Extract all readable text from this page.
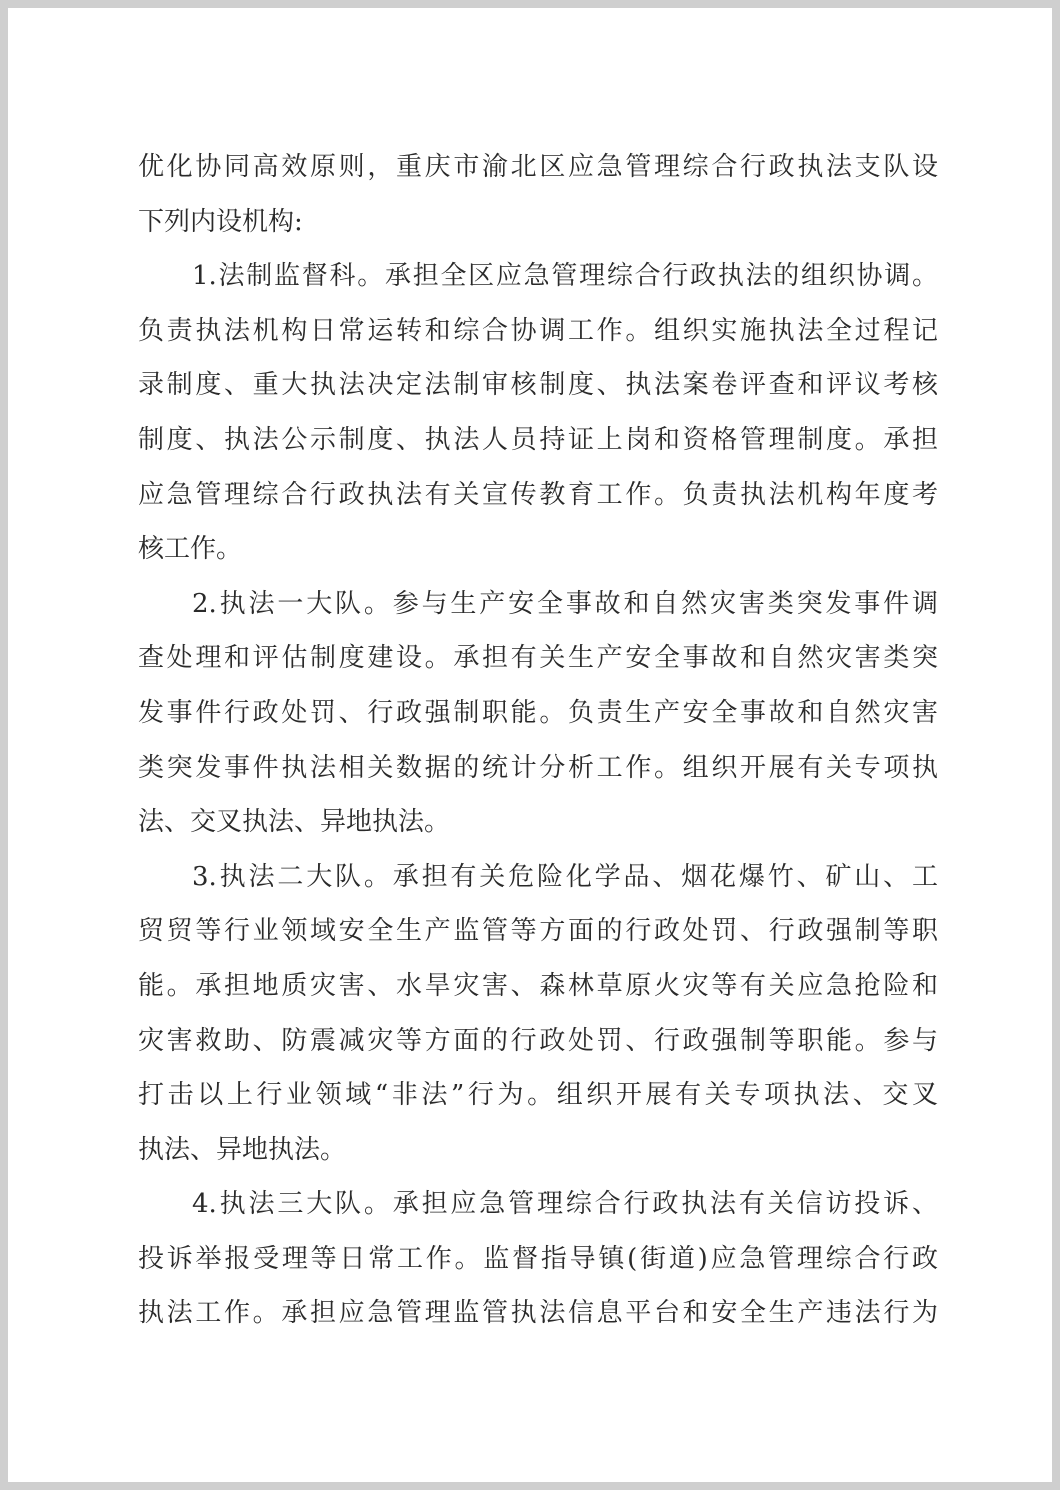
优化协同高效原则，重庆市渝北区应急管理综合行政执法支队设
下列内设机构:
1.法制监督科。承担全区应急管理综合行政执法的组织协调。
负责执法机构日常运转和综合协调工作。组织实施执法全过程记
录制度、重大执法决定法制审核制度、执法案卷评查和评议考核
制度、执法公示制度、执法人员持证上岗和资格管理制度。承担
应急管理综合行政执法有关宣传教育工作。负责执法机构年度考
核工作。
2.执法一大队。参与生产安全事故和自然灾害类突发事件调
查处理和评估制度建设。承担有关生产安全事故和自然灾害类突
发事件行政处罚、行政强制职能。负责生产安全事故和自然灾害
类突发事件执法相关数据的统计分析工作。组织开展有关专项执
法、交叉执法、异地执法。
3.执法二大队。承担有关危险化学品、烟花爆竹、矿山、工
贸贸等行业领域安全生产监管等方面的行政处罚、行政强制等职
能。承担地质灾害、水旱灾害、森林草原火灾等有关应急抢险和
灾害救助、防震减灾等方面的行政处罚、行政强制等职能。参与
打击以上行业领域“非法”行为。组织开展有关专项执法、交叉
执法、异地执法。
4.执法三大队。承担应急管理综合行政执法有关信访投诉、
投诉举报受理等日常工作。监督指导镇(街道)应急管理综合行政
执法工作。承担应急管理监管执法信息平台和安全生产违法行为
